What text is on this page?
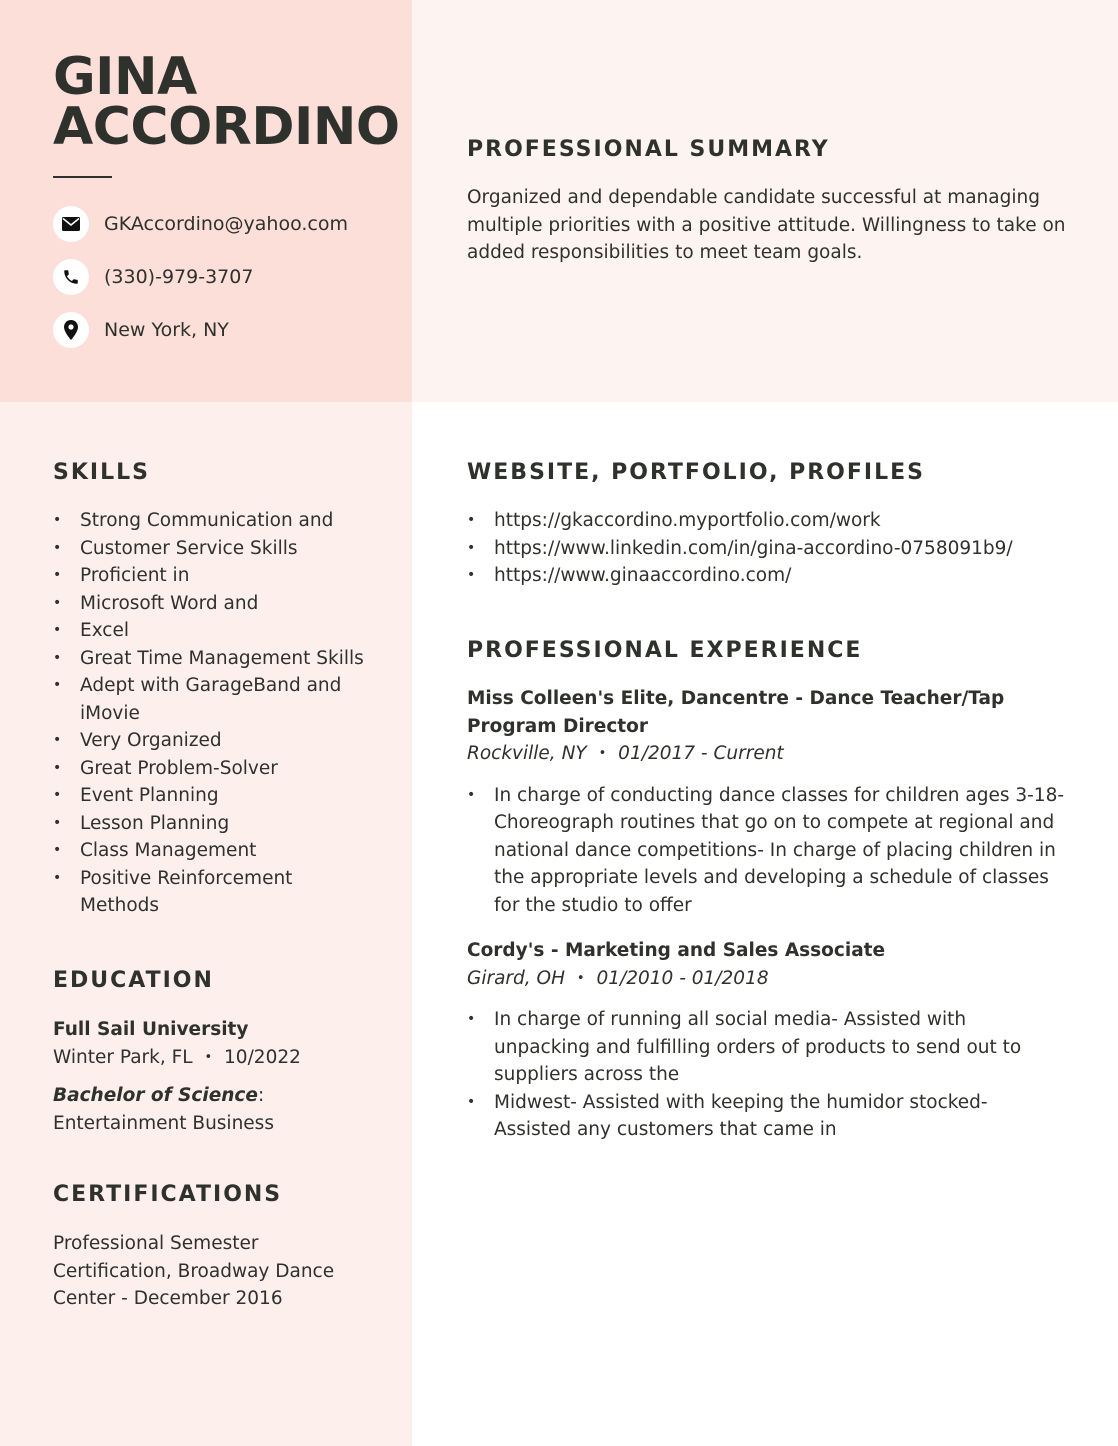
GINA
ACCORDINO
GKAccordino@yahoo.com
(330)-979-3707
New York, NY
PROFESSIONAL SUMMARY

Organized and dependable candidate successful at managing multiple priorities with a positive attitude. Willingness to take on added responsibilities to meet team goals.

SKILLS
• Strong Communication and
• Customer Service Skills
• Proficient in
• Microsoft Word and
• Excel
• Great Time Management Skills
• Adept with GarageBand and iMovie
• Very Organized
• Great Problem-Solver
• Event Planning
• Lesson Planning
• Class Management
• Positive Reinforcement Methods
EDUCATION
Full Sail University
Winter Park, FL • 10/2022
Bachelor of Science:
Entertainment Business
CERTIFICATIONS

Professional Semester Certification, Broadway Dance Center - December 2016

WEBSITE, PORTFOLIO, PROFILES
• https://gkaccordino.myportfolio.com/work
• https://www.linkedin.com/in/gina-accordino-0758091b9/
• https://www.ginaaccordino.com/
PROFESSIONAL EXPERIENCE
Miss Colleen's Elite, Dancentre - Dance Teacher/Tap Program Director
Rockville, NY • 01/2017 - Current
• In charge of conducting dance classes for children ages 3-18- Choreograph routines that go on to compete at regional and national dance competitions- In charge of placing children in the appropriate levels and developing a schedule of classes for the studio to offer
Cordy's - Marketing and Sales Associate
Girard, OH • 01/2010 - 01/2018
• In charge of running all social media- Assisted with unpacking and fulfilling orders of products to send out to suppliers across the
• Midwest- Assisted with keeping the humidor stocked- Assisted any customers that came in
